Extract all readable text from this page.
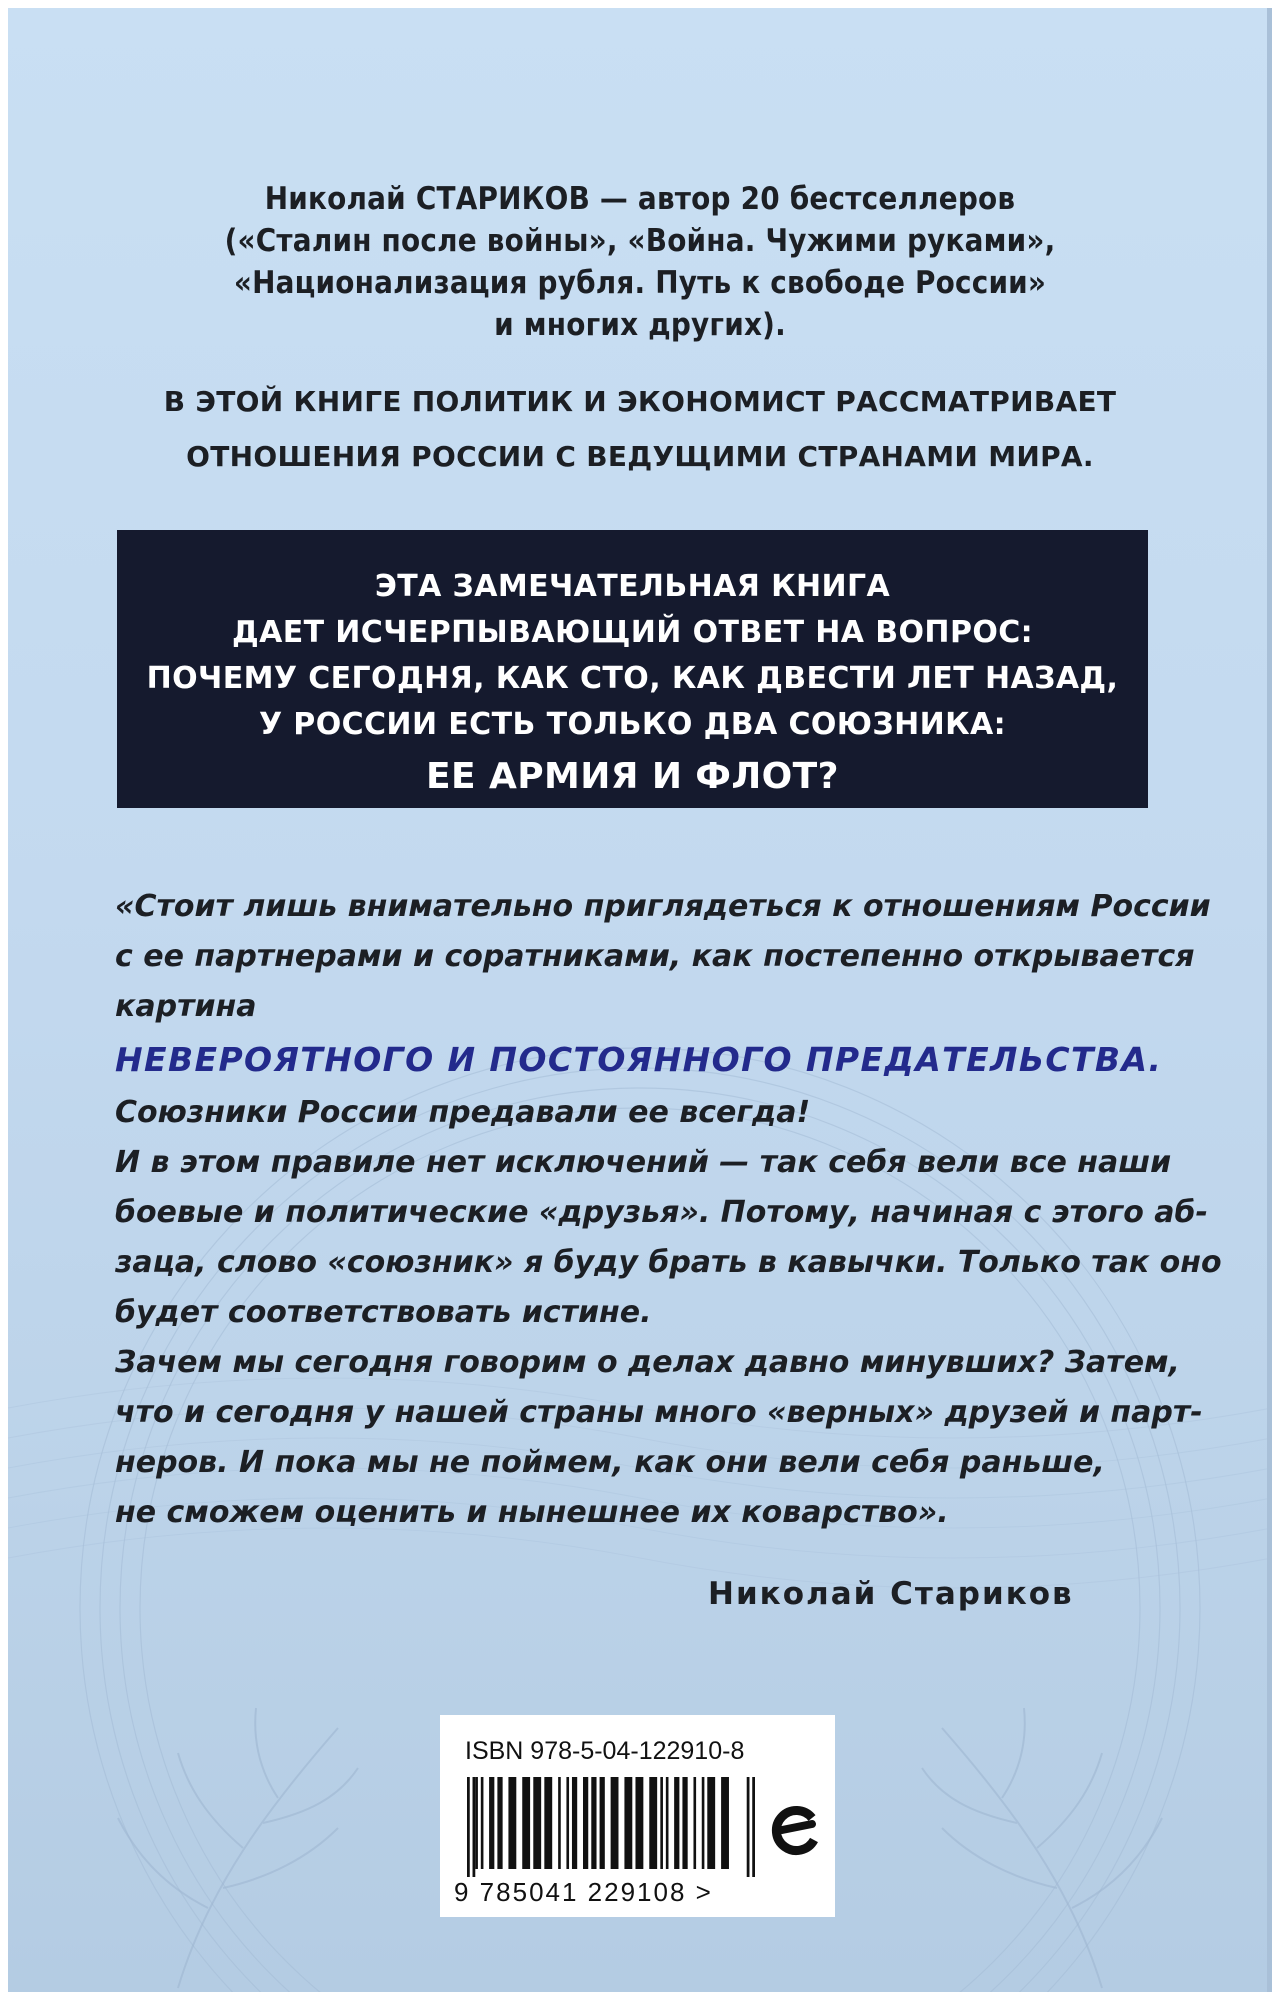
Николай СТАРИКОВ — автор 20 бестселлеров
(«Сталин после войны», «Война. Чужими руками»,
«Национализация рубля. Путь к свободе России»
и многих других).
В ЭТОЙ КНИГЕ ПОЛИТИК И ЭКОНОМИСТ РАССМАТРИВАЕТ
ОТНОШЕНИЯ РОССИИ С ВЕДУЩИМИ СТРАНАМИ МИРА.
ЭТА ЗАМЕЧАТЕЛЬНАЯ КНИГА
ДАЕТ ИСЧЕРПЫВАЮЩИЙ ОТВЕТ НА ВОПРОС:
ПОЧЕМУ СЕГОДНЯ, КАК СТО, КАК ДВЕСТИ ЛЕТ НАЗАД,
У РОССИИ ЕСТЬ ТОЛЬКО ДВА СОЮЗНИКА:
ЕЕ АРМИЯ И ФЛОТ?
«Стоит лишь внимательно приглядеться к отношениям России
с ее партнерами и соратниками, как постепенно открывается
картина
НЕВЕРОЯТНОГО И ПОСТОЯННОГО ПРЕДАТЕЛЬСТВА.
Союзники России предавали ее всегда!
И в этом правиле нет исключений — так себя вели все наши
боевые и политические «друзья». Потому, начиная с этого аб-
заца, слово «союзник» я буду брать в кавычки. Только так оно
будет соответствовать истине.
Зачем мы сегодня говорим о делах давно минувших? Затем,
что и сегодня у нашей страны много «верных» друзей и парт-
неров. И пока мы не поймем, как они вели себя раньше,
не сможем оценить и нынешнее их коварство».
Николай Стариков
ISBN 978-5-04-122910-8
9 785041 229108 >
